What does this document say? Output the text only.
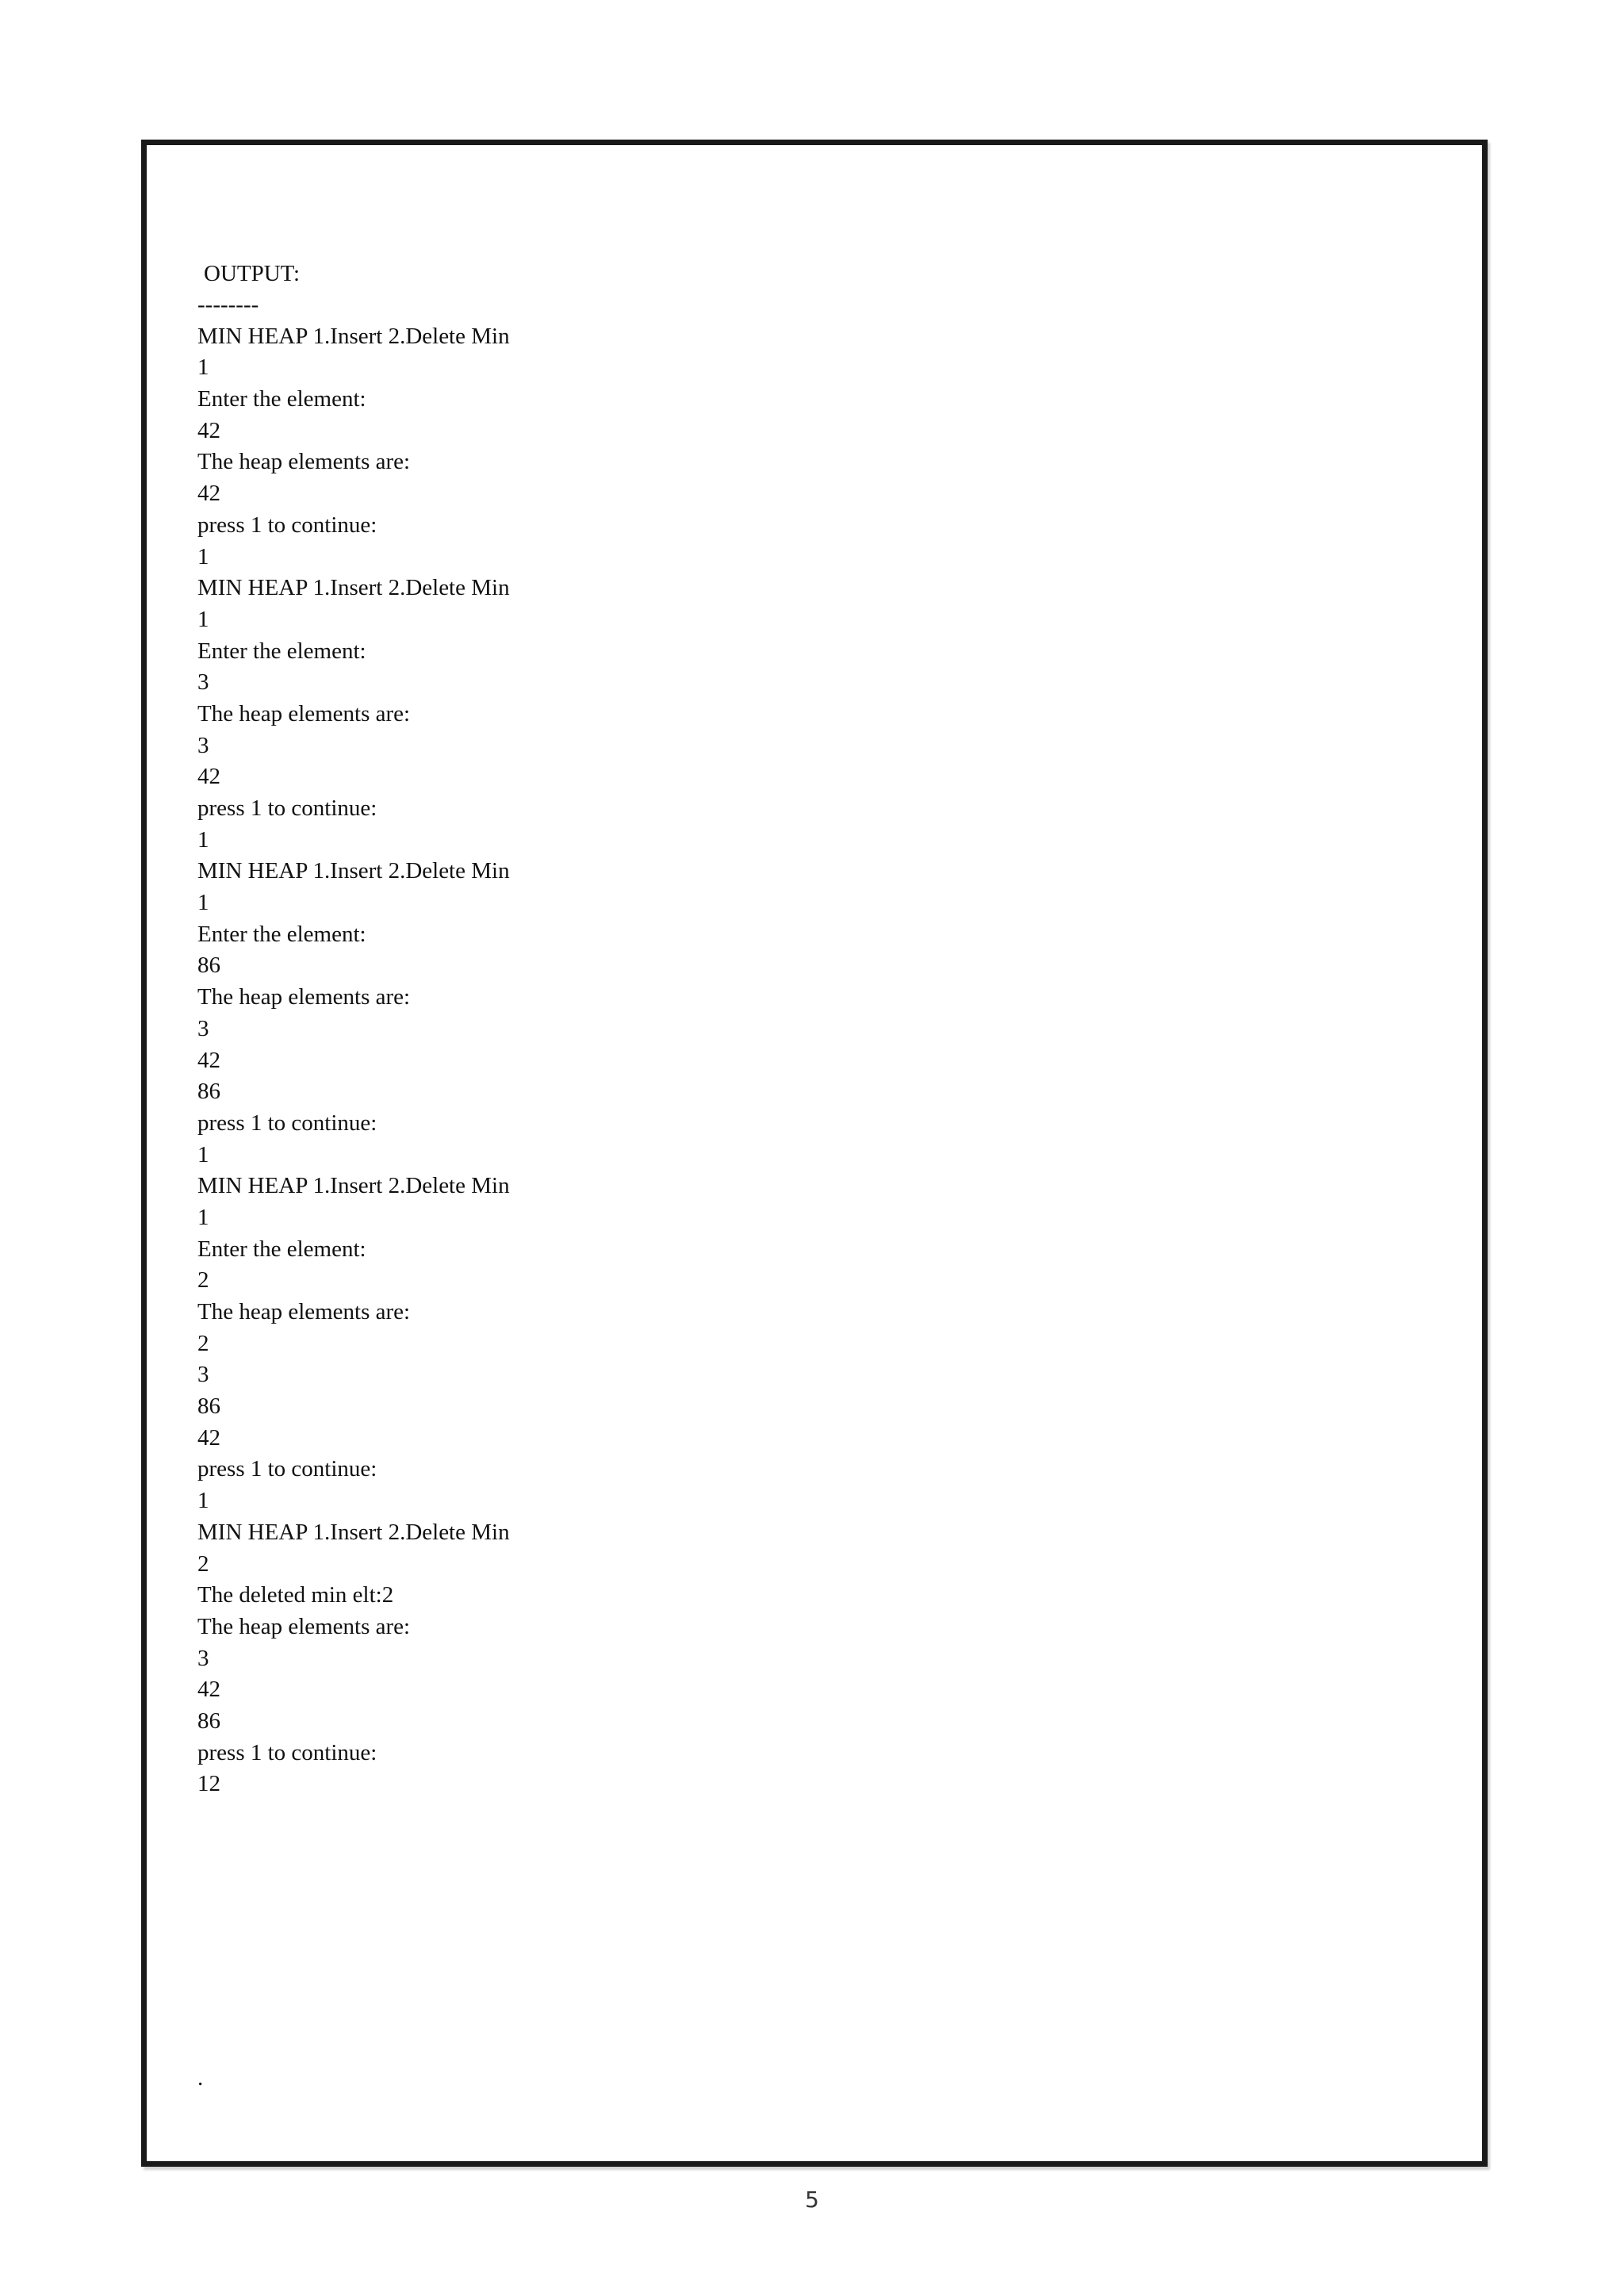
OUTPUT:
--------
MIN HEAP 1.Insert 2.Delete Min
1
Enter the element:
42
The heap elements are:
42
press 1 to continue:
1
MIN HEAP 1.Insert 2.Delete Min
1
Enter the element:
3
The heap elements are:
3
42
press 1 to continue:
1
MIN HEAP 1.Insert 2.Delete Min
1
Enter the element:
86
The heap elements are:
3
42
86
press 1 to continue:
1
MIN HEAP 1.Insert 2.Delete Min
1
Enter the element:
2
The heap elements are:
2
3
86
42
press 1 to continue:
1
MIN HEAP 1.Insert 2.Delete Min
2
The deleted min elt:2
The heap elements are:
3
42
86
press 1 to continue:
12
.
5
